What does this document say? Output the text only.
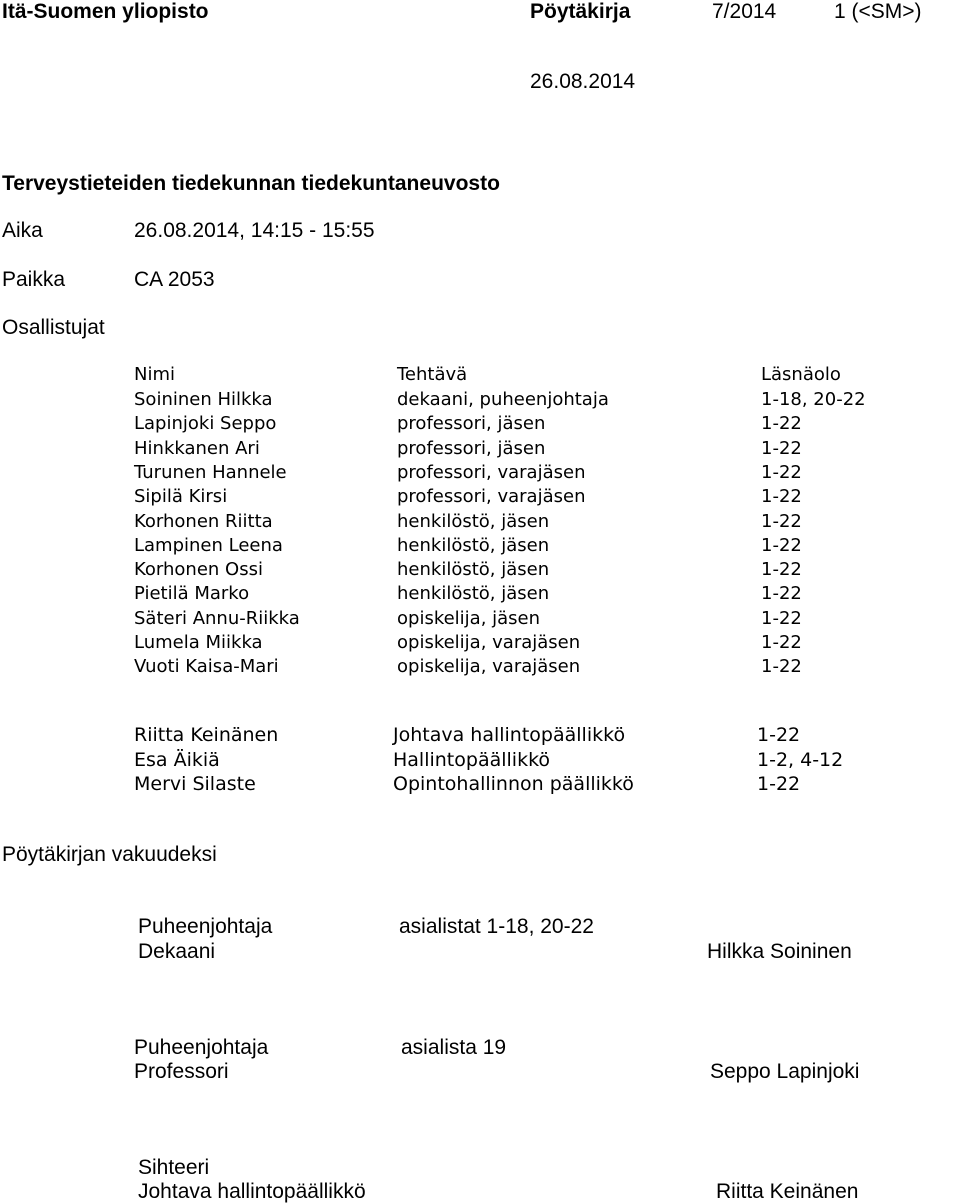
Itä-Suomen yliopisto	Pöytäkirja	7/2014	1 (<SM>)
26.08.2014
Terveystieteiden tiedekunnan tiedekuntaneuvosto
Aika	26.08.2014, 14:15 - 15:55
Paikka	CA 2053
Osallistujat
Nimi	Tehtävä	Läsnäolo
Soininen Hilkka	dekaani, puheenjohtaja	1-18, 20-22
Lapinjoki Seppo	professori, jäsen	1-22
Hinkkanen Ari	professori, jäsen	1-22
Turunen Hannele	professori, varajäsen	1-22
Sipilä Kirsi	professori, varajäsen	1-22
Korhonen Riitta	henkilöstö, jäsen	1-22
Lampinen Leena	henkilöstö, jäsen	1-22
Korhonen Ossi	henkilöstö, jäsen	1-22
Pietilä Marko	henkilöstö, jäsen	1-22
Säteri Annu-Riikka	opiskelija, jäsen	1-22
Lumela Miikka	opiskelija, varajäsen	1-22
Vuoti Kaisa-Mari	opiskelija, varajäsen	1-22
Riitta Keinänen	Johtava hallintopäällikkö	1-22
Esa Äikiä	Hallintopäällikkö	1-2, 4-12
Mervi Silaste	Opintohallinnon päällikkö	1-22
Pöytäkirjan vakuudeksi
Puheenjohtaja	asialistat 1-18, 20-22
Dekaani	Hilkka Soininen
Puheenjohtaja	asialista 19
Professori	Seppo Lapinjoki
Sihteeri
Johtava hallintopäällikkö	Riitta Keinänen
